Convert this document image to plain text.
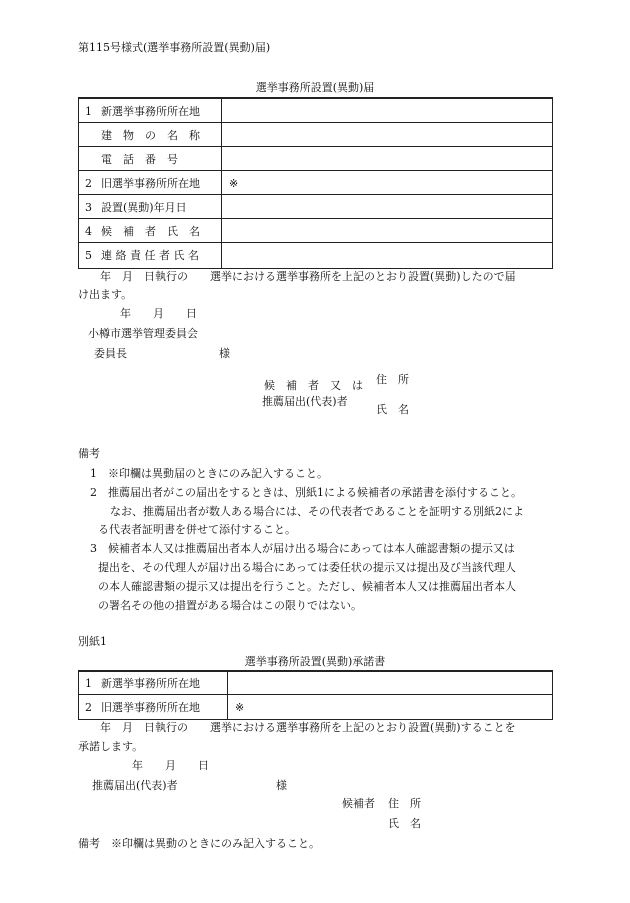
第115号様式(選挙事務所設置(異動)届)
選挙事務所設置(異動)届
1 新選挙事務所所在地
建　物　の　名　称
電　話　番　号
2 旧選挙事務所所在地	※
3 設置(異動)年月日
4 候　補　者　氏　名
5 連 絡 責 任 者 氏 名
年　月　日執行の　　選挙における選挙事務所を上記のとおり設置(異動)したので届
け出ます。
年　　月　　日
小樽市選挙管理委員会
委員長	様
候　補　者　又　は
推薦届出(代表)者
住　所
氏　名
備考
1　※印欄は異動届のときにのみ記入すること。
2　推薦届出者がこの届出をするときは、別紙1による候補者の承諾書を添付すること。
なお、推薦届出者が数人ある場合には、その代表者であることを証明する別紙2によ
る代表者証明書を併せて添付すること。
3　候補者本人又は推薦届出者本人が届け出る場合にあっては本人確認書類の提示又は
提出を、その代理人が届け出る場合にあっては委任状の提示又は提出及び当該代理人
の本人確認書類の提示又は提出を行うこと。ただし、候補者本人又は推薦届出者本人
の署名その他の措置がある場合はこの限りではない。
別紙1
選挙事務所設置(異動)承諾書
1 新選挙事務所所在地
2 旧選挙事務所所在地	※
年　月　日執行の　　選挙における選挙事務所を上記のとおり設置(異動)することを
承諾します。
年　　月　　日
推薦届出(代表)者	様
候補者 住　所
氏　名
備考　※印欄は異動のときにのみ記入すること。
